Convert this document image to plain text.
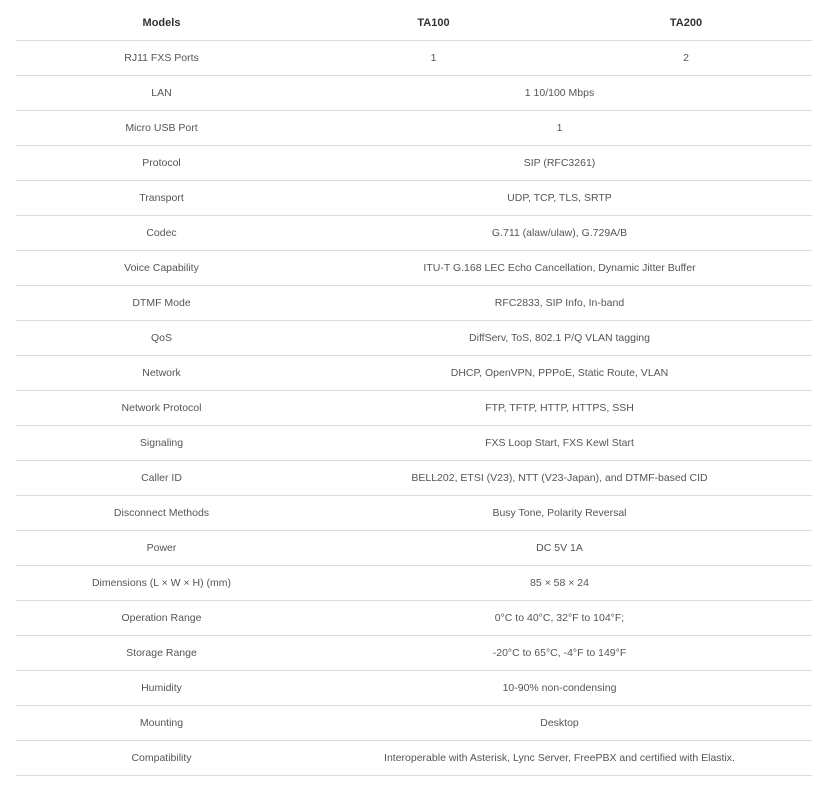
Models	TA100	TA200
RJ11 FXS Ports	1	2
LAN	1 10/100 Mbps	
Micro USB Port	1	
Protocol	SIP (RFC3261)	
Transport	UDP, TCP, TLS, SRTP	
Codec	G.711 (alaw/ulaw), G.729A/B	
Voice Capability	ITU-T G.168 LEC Echo Cancellation, Dynamic Jitter Buffer	
DTMF Mode	RFC2833, SIP Info, In-band	
QoS	DiffServ, ToS, 802.1 P/Q VLAN tagging	
Network	DHCP, OpenVPN, PPPoE, Static Route, VLAN	
Network Protocol	FTP, TFTP, HTTP, HTTPS, SSH	
Signaling	FXS Loop Start, FXS Kewl Start	
Caller ID	BELL202, ETSI (V23), NTT (V23-Japan), and DTMF-based CID	
Disconnect Methods	Busy Tone, Polarity Reversal	
Power	DC 5V 1A	
Dimensions (L × W × H) (mm)	85 × 58 × 24	
Operation Range	0°C to 40°C, 32°F to 104°F;	
Storage Range	-20°C to 65°C, -4°F to 149°F	
Humidity	10-90% non-condensing	
Mounting	Desktop	
Compatibility	Interoperable with Asterisk, Lync Server, FreePBX and certified with Elastix.	
